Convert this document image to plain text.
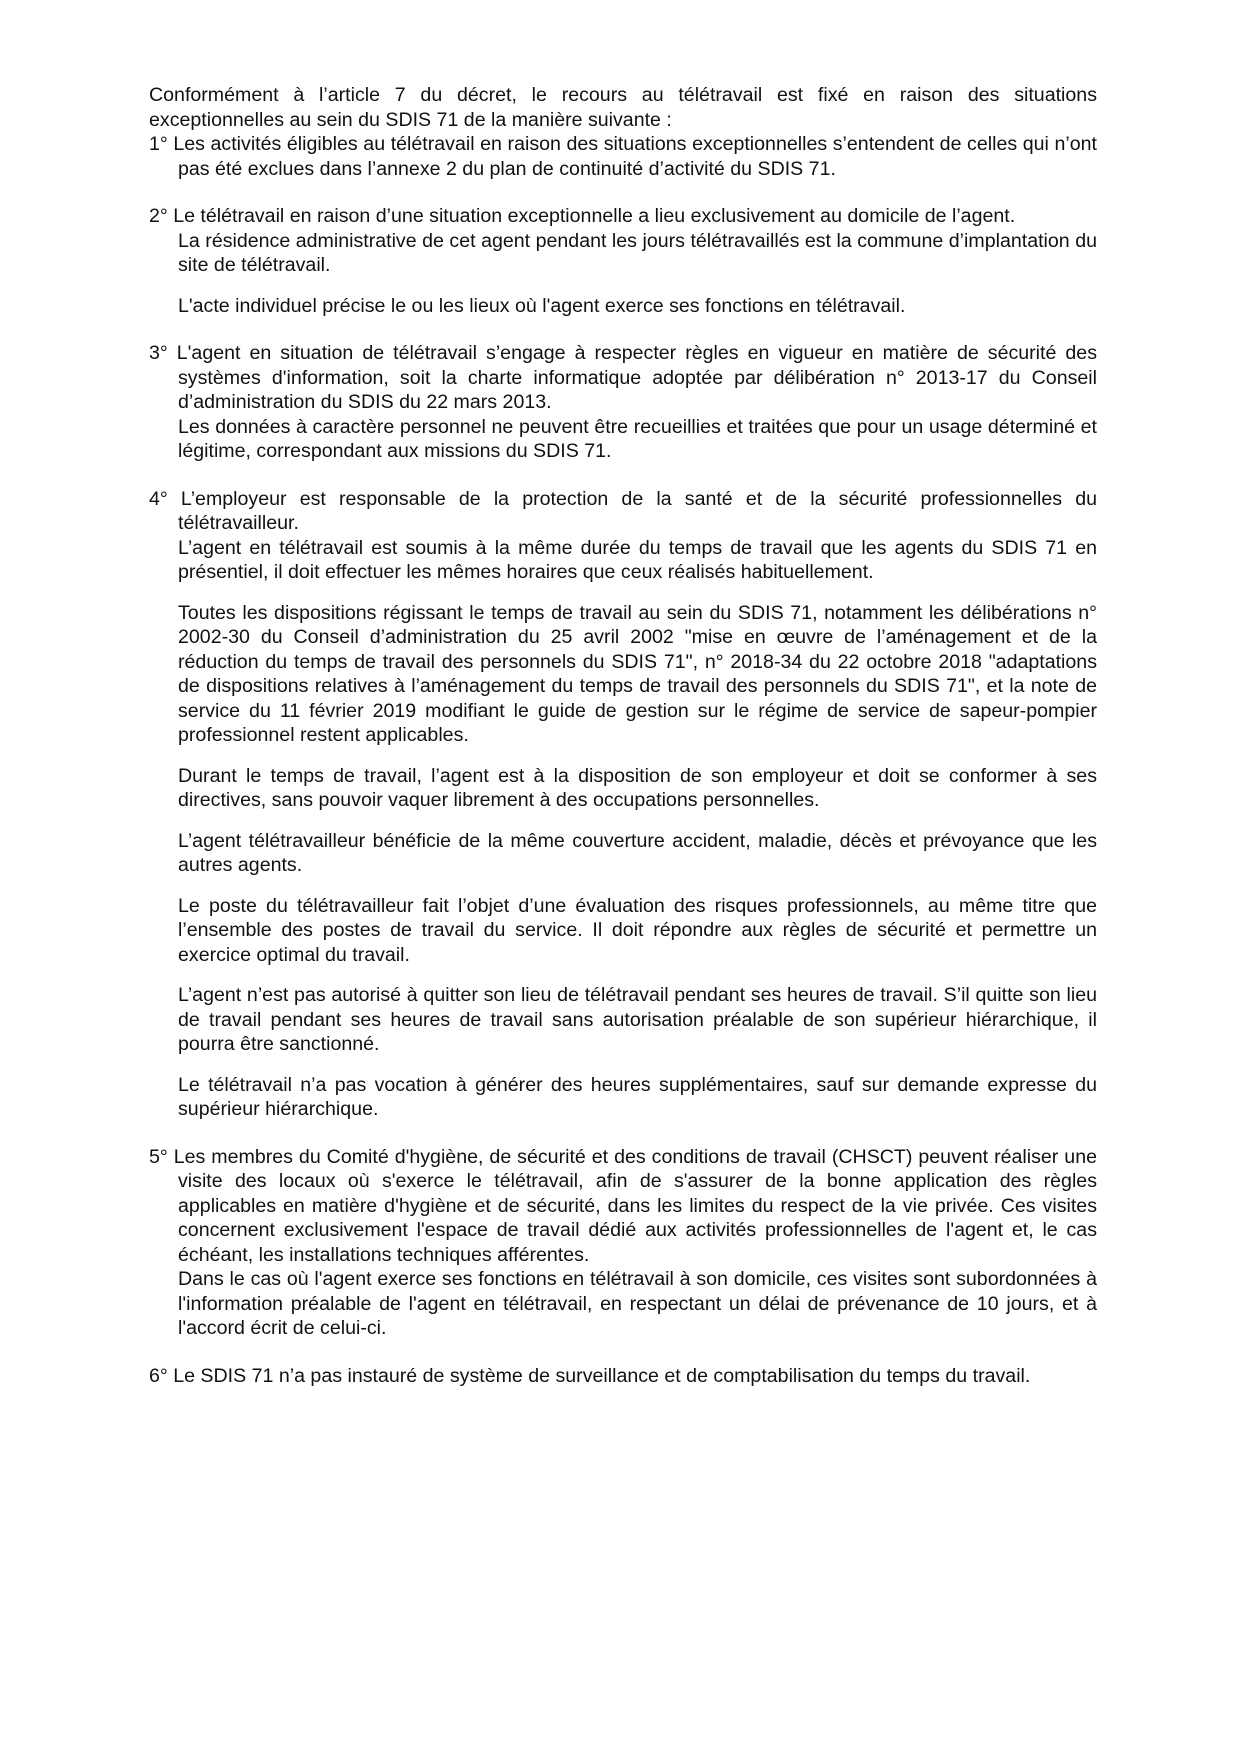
Conformément à l’article 7 du décret, le recours au télétravail est fixé en raison des situations exceptionnelles au sein du SDIS 71 de la manière suivante :

1° Les activités éligibles au télétravail en raison des situations exceptionnelles s’entendent de celles qui n’ont pas été exclues dans l’annexe 2 du plan de continuité d’activité du SDIS 71.

2° Le télétravail en raison d’une situation exceptionnelle a lieu exclusivement au domicile de l’agent.

La résidence administrative de cet agent pendant les jours télétravaillés est la commune d’implantation du site de télétravail.

L'acte individuel précise le ou les lieux où l'agent exerce ses fonctions en télétravail.

3° L'agent en situation de télétravail s’engage à respecter règles en vigueur en matière de sécurité des systèmes d'information, soit la charte informatique adoptée par délibération n° 2013-17 du Conseil d’administration du SDIS du 22 mars 2013.

Les données à caractère personnel ne peuvent être recueillies et traitées que pour un usage déterminé et légitime, correspondant aux missions du SDIS 71.

4° L’employeur est responsable de la protection de la santé et de la sécurité professionnelles du télétravailleur.

L’agent en télétravail est soumis à la même durée du temps de travail que les agents du SDIS 71 en présentiel, il doit effectuer les mêmes horaires que ceux réalisés habituellement.

Toutes les dispositions régissant le temps de travail au sein du SDIS 71, notamment les délibérations n° 2002-30 du Conseil d’administration du 25 avril 2002 "mise en œuvre de l’aménagement et de la réduction du temps de travail des personnels du SDIS 71", n° 2018-34 du 22 octobre 2018 "adaptations de dispositions relatives à l’aménagement du temps de travail des personnels du SDIS 71", et la note de service du 11 février 2019 modifiant le guide de gestion sur le régime de service de sapeur-pompier professionnel restent applicables.

Durant le temps de travail, l’agent est à la disposition de son employeur et doit se conformer à ses directives, sans pouvoir vaquer librement à des occupations personnelles.

L’agent télétravailleur bénéficie de la même couverture accident, maladie, décès et prévoyance que les autres agents.

Le poste du télétravailleur fait l’objet d’une évaluation des risques professionnels, au même titre que l’ensemble des postes de travail du service. Il doit répondre aux règles de sécurité et permettre un exercice optimal du travail.

L’agent n’est pas autorisé à quitter son lieu de télétravail pendant ses heures de travail. S’il quitte son lieu de travail pendant ses heures de travail sans autorisation préalable de son supérieur hiérarchique, il pourra être sanctionné.

Le télétravail n’a pas vocation à générer des heures supplémentaires, sauf sur demande expresse du supérieur hiérarchique.

5° Les membres du Comité d'hygiène, de sécurité et des conditions de travail (CHSCT) peuvent réaliser une visite des locaux où s'exerce le télétravail, afin de s'assurer de la bonne application des règles applicables en matière d'hygiène et de sécurité, dans les limites du respect de la vie privée. Ces visites concernent exclusivement l'espace de travail dédié aux activités professionnelles de l'agent et, le cas échéant, les installations techniques afférentes.

Dans le cas où l'agent exerce ses fonctions en télétravail à son domicile, ces visites sont subordonnées à l'information préalable de l'agent en télétravail, en respectant un délai de prévenance de 10 jours, et à l'accord écrit de celui-ci.

6° Le SDIS 71 n’a pas instauré de système de surveillance et de comptabilisation du temps du travail.
